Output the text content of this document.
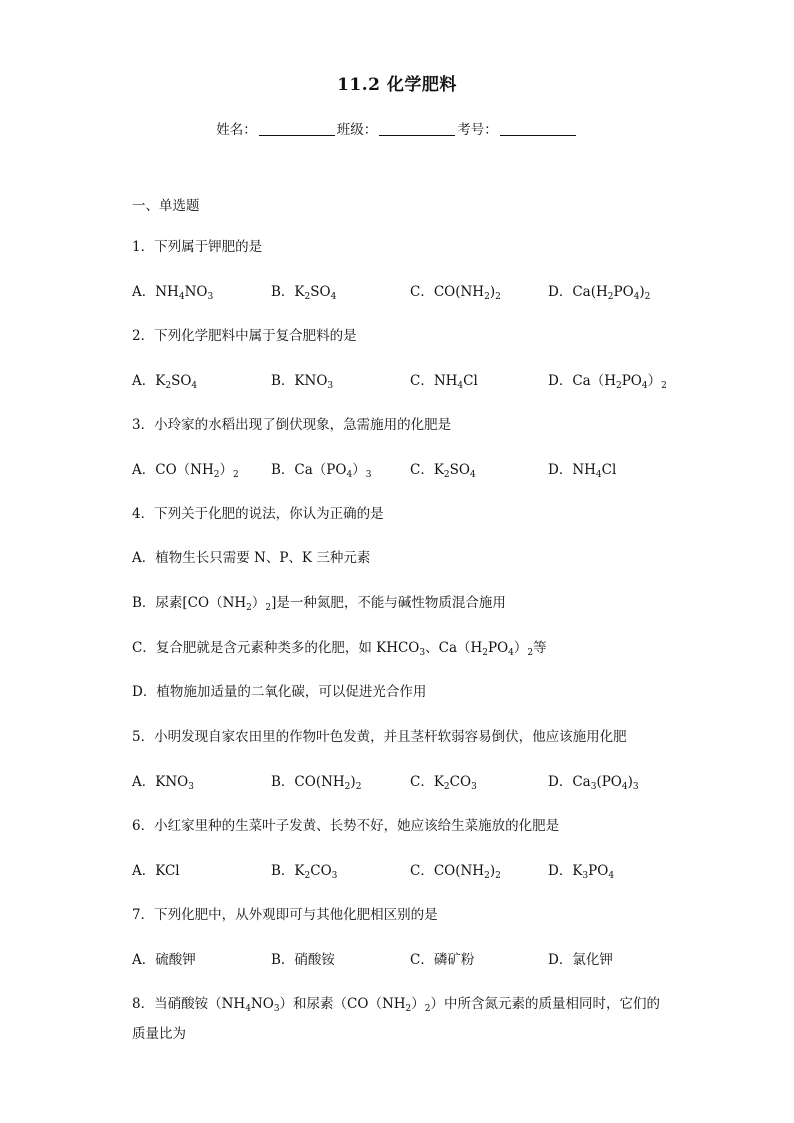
11.2 化学肥料
姓名：	班级：	考号：
一、单选题
1．下列属于钾肥的是
A．$NH_4NO_3$	B．$K_2SO_4$	C．$CO(NH_2)_2$	D．$Ca(H_2PO_4)_2$
2．下列化学肥料中属于复合肥料的是
A．$K_2SO_4$	B．$KNO_3$	C．$NH_4Cl$	D．$Ca(H_2PO_4)_2$
3．小玲家的水稻出现了倒伏现象，急需施用的化肥是
A．$CO(NH_2)_2$ B．$Ca(PO_4)_3$	C．$K_2SO_4$	D．$NH_4Cl$
4．下列关于化肥的说法，你认为正确的是
A．植物生长只需要 N、P、K 三种元素
B．尿素$[CO(NH_2)_2]$是一种氮肥，不能与碱性物质混合施用
C．复合肥就是含元素种类多的化肥，如 $KHCO_3$、$Ca(H_2PO_4)_2$等
D．植物施加适量的二氧化碳，可以促进光合作用
5．小明发现自家农田里的作物叶色发黄，并且茎杆软弱容易倒伏，他应该施用化肥
A．$KNO_3$	B．$CO(NH_2)_2$	C．$K_2CO_3$	D．$Ca_3(PO_4)_3$
6．小红家里种的生菜叶子发黄、长势不好，她应该给生菜施放的化肥是
A．KCl	B．$K_2CO_3$	C．$CO(NH_2)_2$	D．$K_3PO_4$
7．下列化肥中，从外观即可与其他化肥相区别的是
A．硫酸钾	B．硝酸铵	C．磷矿粉	D．氯化钾
8．当硝酸铵$(NH_4NO_3)$和尿素$(CO(NH_2)_2)$中所含氮元素的质量相同时，它们的
质量比为
